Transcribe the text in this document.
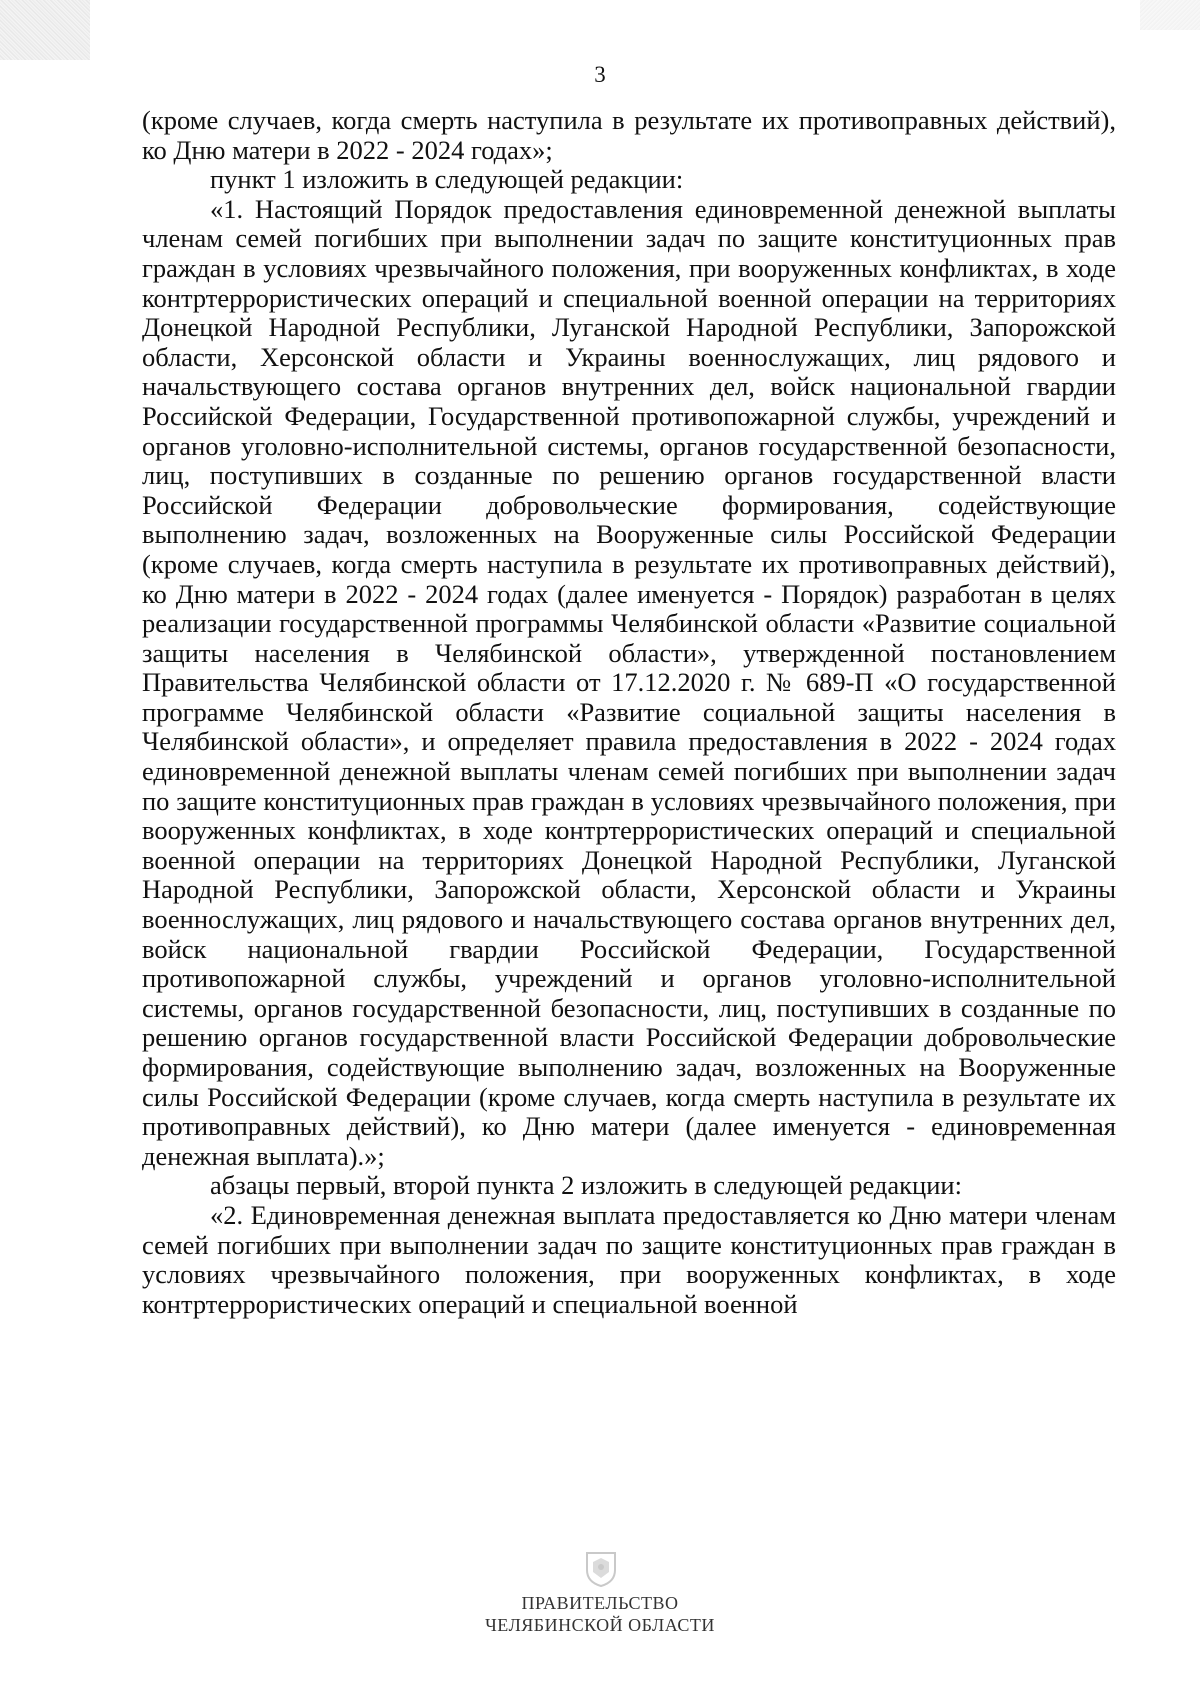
3

(кроме случаев, когда смерть наступила в результате их противоправных действий), ко Дню матери в 2022 - 2024 годах»;

пункт 1 изложить в следующей редакции:

«1. Настоящий Порядок предоставления единовременной денежной выплаты членам семей погибших при выполнении задач по защите конституционных прав граждан в условиях чрезвычайного положения, при вооруженных конфликтах, в ходе контртеррористических операций и специальной военной операции на территориях Донецкой Народной Республики, Луганской Народной Республики, Запорожской области, Херсонской области и Украины военнослужащих, лиц рядового и начальствующего состава органов внутренних дел, войск национальной гвардии Российской Федерации, Государственной противопожарной службы, учреждений и органов уголовно-исполнительной системы, органов государственной безопасности, лиц, поступивших в созданные по решению органов государственной власти Российской Федерации добровольческие формирования, содействующие выполнению задач, возложенных на Вооруженные силы Российской Федерации (кроме случаев, когда смерть наступила в результате их противоправных действий), ко Дню матери в 2022 - 2024 годах (далее именуется - Порядок) разработан в целях реализации государственной программы Челябинской области «Развитие социальной защиты населения в Челябинской области», утвержденной постановлением Правительства Челябинской области от 17.12.2020 г. № 689-П «О государственной программе Челябинской области «Развитие социальной защиты населения в Челябинской области», и определяет правила предоставления в 2022 - 2024 годах единовременной денежной выплаты членам семей погибших при выполнении задач по защите конституционных прав граждан в условиях чрезвычайного положения, при вооруженных конфликтах, в ходе контртеррористических операций и специальной военной операции на территориях Донецкой Народной Республики, Луганской Народной Республики, Запорожской области, Херсонской области и Украины военнослужащих, лиц рядового и начальствующего состава органов внутренних дел, войск национальной гвардии Российской Федерации, Государственной противопожарной службы, учреждений и органов уголовно-исполнительной системы, органов государственной безопасности, лиц, поступивших в созданные по решению органов государственной власти Российской Федерации добровольческие формирования, содействующие выполнению задач, возложенных на Вооруженные силы Российской Федерации (кроме случаев, когда смерть наступила в результате их противоправных действий), ко Дню матери (далее именуется - единовременная денежная выплата).»;

абзацы первый, второй пункта 2 изложить в следующей редакции:

«2. Единовременная денежная выплата предоставляется ко Дню матери членам семей погибших при выполнении задач по защите конституционных прав граждан в условиях чрезвычайного положения, при вооруженных конфликтах, в ходе контртеррористических операций и специальной военной

ПРАВИТЕЛЬСТВО
ЧЕЛЯБИНСКОЙ ОБЛАСТИ
